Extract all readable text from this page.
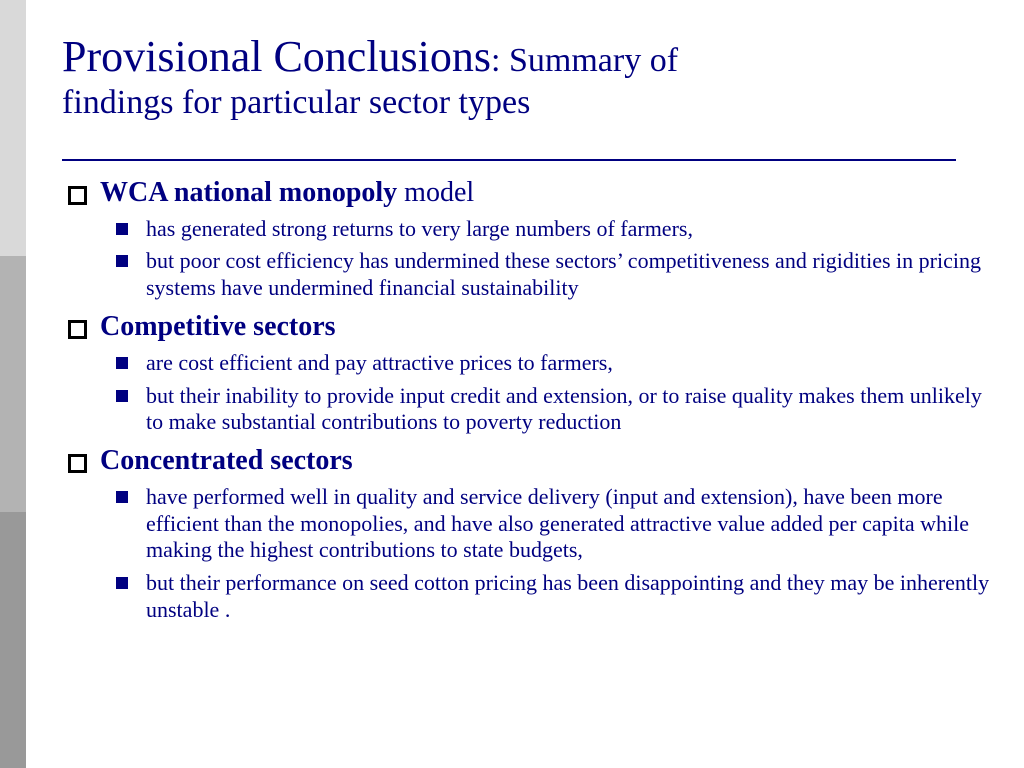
Provisional Conclusions: Summary of
findings for particular sector types
WCA national monopoly model
has generated strong returns to very large numbers of farmers,
but poor cost efficiency has undermined these sectors’ competitiveness and rigidities in pricing systems have undermined financial sustainability
Competitive sectors
are cost efficient and pay attractive prices to farmers,
but their inability to provide input credit and extension, or to raise quality makes them unlikely to make substantial contributions to poverty reduction
Concentrated sectors
have performed well in quality and service delivery (input and extension), have been more efficient than the monopolies, and have also generated attractive value added per capita while making the highest contributions to state budgets,
but their performance on seed cotton pricing has been disappointing and they may be inherently unstable .
